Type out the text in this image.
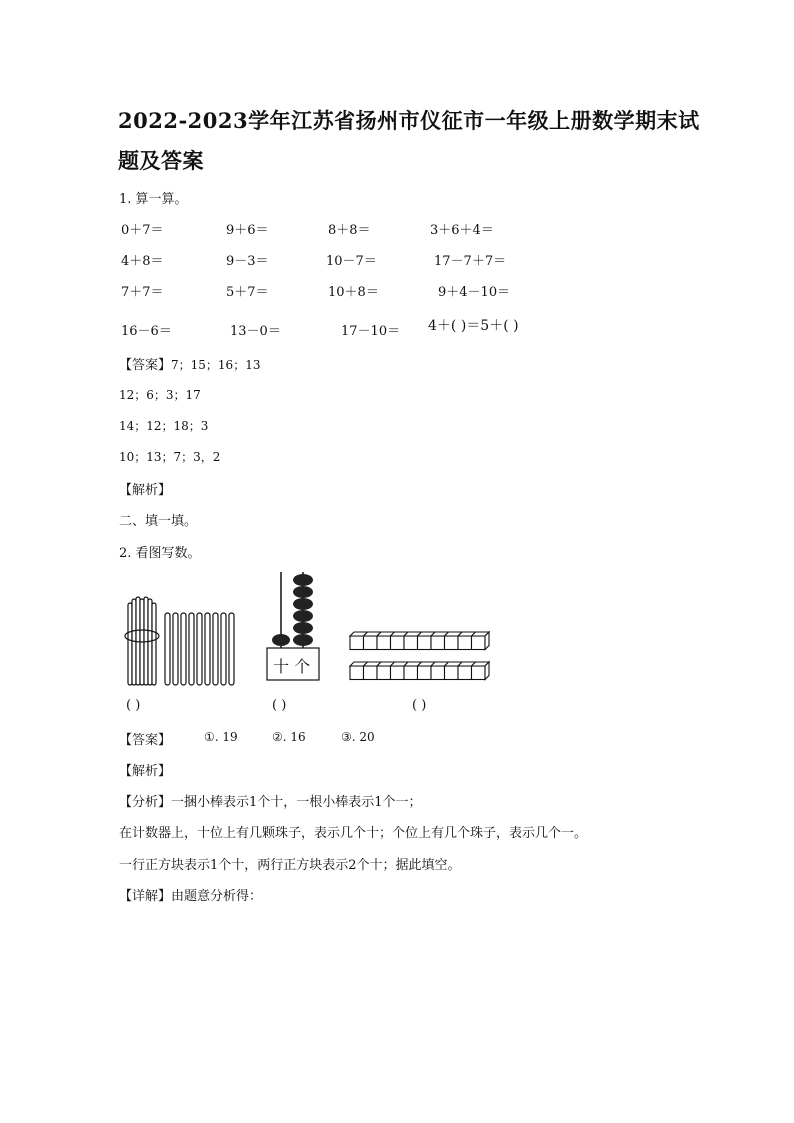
2022-2023学年江苏省扬州市仪征市一年级上册数学期末试
题及答案
1. 算一算。
0＋7＝	9＋6＝	8＋8＝	3＋6＋4＝
4＋8＝	9－3＝	10－7＝	17－7＋7＝
7＋7＝	5＋7＝	10＋8＝	9＋4－10＝
16－6＝	13－0＝	17－10＝ 4＋( )＝5＋( )
【答案】7；15；16；13
12；6；3；17
14；12；18；3
10；13；7；3，2
【解析】
二、填一填。
2. 看图写数。
十 个
( )	( )	( )
【答案】	①. 19	②. 16	③. 20
【解析】
【分析】一捆小棒表示1个十，一根小棒表示1个一；
在计数器上，十位上有几颗珠子，表示几个十；个位上有几个珠子，表示几个一。
一行正方块表示1个十，两行正方块表示2个十；据此填空。
【详解】由题意分析得：
